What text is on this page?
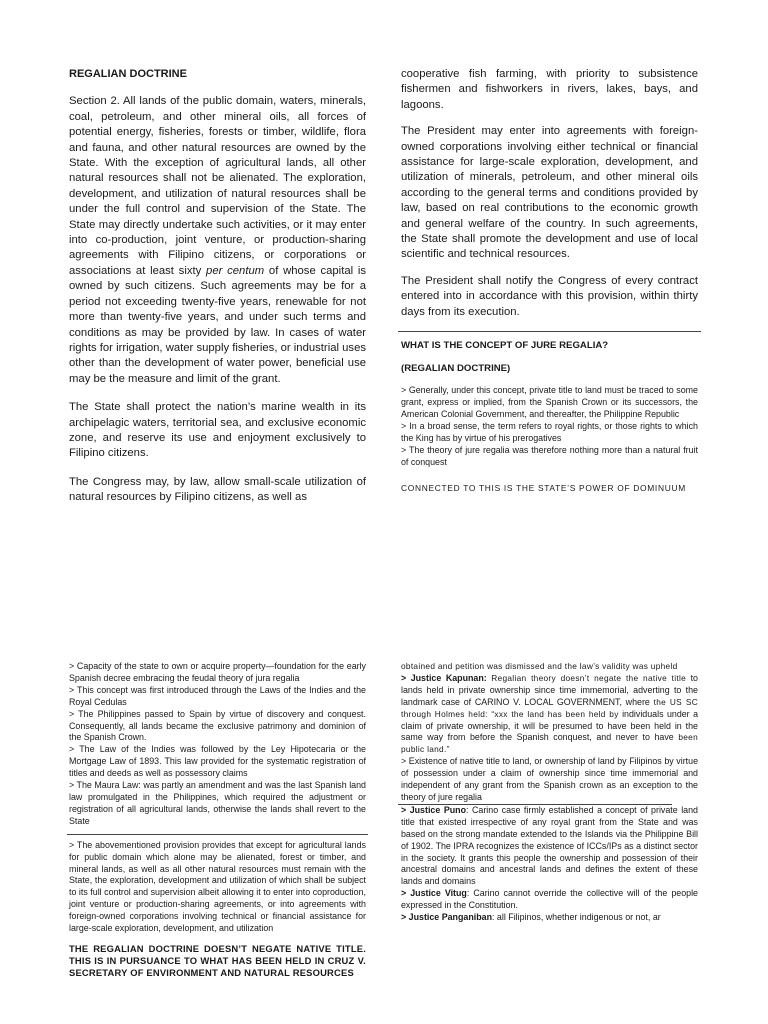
REGALIAN DOCTRINE

Section 2. All lands of the public domain, waters, minerals, coal, petroleum, and other mineral oils, all forces of potential energy, fisheries, forests or timber, wildlife, flora and fauna, and other natural resources are owned by the State. With the exception of agricultural lands, all other natural resources shall not be alienated. The exploration, development, and utilization of natural resources shall be under the full control and supervision of the State. The State may directly undertake such activities, or it may enter into co-production, joint venture, or production-sharing agreements with Filipino citizens, or corporations or associations at least sixty per centum of whose capital is owned by such citizens. Such agreements may be for a period not exceeding twenty-five years, renewable for not more than twenty-five years, and under such terms and conditions as may be provided by law. In cases of water rights for irrigation, water supply fisheries, or industrial uses other than the development of water power, beneficial use may be the measure and limit of the grant.

The State shall protect the nation’s marine wealth in its archipelagic waters, territorial sea, and exclusive economic zone, and reserve its use and enjoyment exclusively to Filipino citizens.

The Congress may, by law, allow small-scale utilization of natural resources by Filipino citizens, as well as

cooperative fish farming, with priority to subsistence fishermen and fishworkers in rivers, lakes, bays, and lagoons.

The President may enter into agreements with foreign-owned corporations involving either technical or financial assistance for large-scale exploration, development, and utilization of minerals, petroleum, and other mineral oils according to the general terms and conditions provided by law, based on real contributions to the economic growth and general welfare of the country. In such agreements, the State shall promote the development and use of local scientific and technical resources.

The President shall notify the Congress of every contract entered into in accordance with this provision, within thirty days from its execution.

WHAT IS THE CONCEPT OF JURE REGALIA?

(REGALIAN DOCTRINE)

> Generally, under this concept, private title to land must be traced to some grant, express or implied, from the Spanish Crown or its successors, the American Colonial Government, and thereafter, the Philippine Republic

> In a broad sense, the term refers to royal rights, or those rights to which the King has by virtue of his prerogatives

> The theory of jure regalia was therefore nothing more than a natural fruit of conquest

CONNECTED TO THIS IS THE STATE’S POWER OF DOMINUUM

> Capacity of the state to own or acquire property—foundation for the early Spanish decree embracing the feudal theory of jura regalia

> This concept was first introduced through the Laws of the Indies and the Royal Cedulas

> The Philippines passed to Spain by virtue of discovery and conquest. Consequently, all lands became the exclusive patrimony and dominion of the Spanish Crown.

> The Law of the Indies was followed by the Ley Hipotecaria or the Mortgage Law of 1893. This law provided for the systematic registration of titles and deeds as well as possessory claims

> The Maura Law: was partly an amendment and was the last Spanish land law promulgated in the Philippines, which required the adjustment or registration of all agricultural lands, otherwise the lands shall revert to the State

> The abovementioned provision provides that except for agricultural lands for public domain which alone may be alienated, forest or timber, and mineral lands, as well as all other natural resources must remain with the State, the exploration, development and utilization of which shall be subject to its full control and supervision albeit allowing it to enter into coproduction, joint venture or production-sharing agreements, or into agreements with foreign-owned corporations involving technical or financial assistance for large-scale exploration, development, and utilization

THE REGALIAN DOCTRINE DOESN’T NEGATE NATIVE TITLE. THIS IS IN PURSUANCE TO WHAT HAS BEEN HELD IN CRUZ V. SECRETARY OF ENVIRONMENT AND NATURAL RESOURCES

obtained and petition was dismissed and the law’s validity was upheld

> Justice Kapunan: Regalian theory doesn’t negate the native title to lands held in private ownership since time immemorial, adverting to the landmark case of CARINO V. LOCAL GOVERNMENT, where the US SC through Holmes held: “xxx the land has been held by individuals under a claim of private ownership, it will be presumed to have been held in the same way from before the Spanish conquest, and never to have been public land.”

> Existence of native title to land, or ownership of land by Filipinos by virtue of possession under a claim of ownership since time immemorial and independent of any grant from the Spanish crown as an exception to the theory of jure regalia

> Justice Puno: Carino case firmly established a concept of private land title that existed irrespective of any royal grant from the State and was based on the strong mandate extended to the Islands via the Philippine Bill of 1902. The IPRA recognizes the existence of ICCs/IPs as a distinct sector in the society. It grants this people the ownership and possession of their ancestral domains and ancestral lands and defines the extent of these lands and domains

> Justice Vitug: Carino cannot override the collective will of the people expressed in the Constitution.

> Justice Panganiban: all Filipinos, whether indigenous or not, ar
